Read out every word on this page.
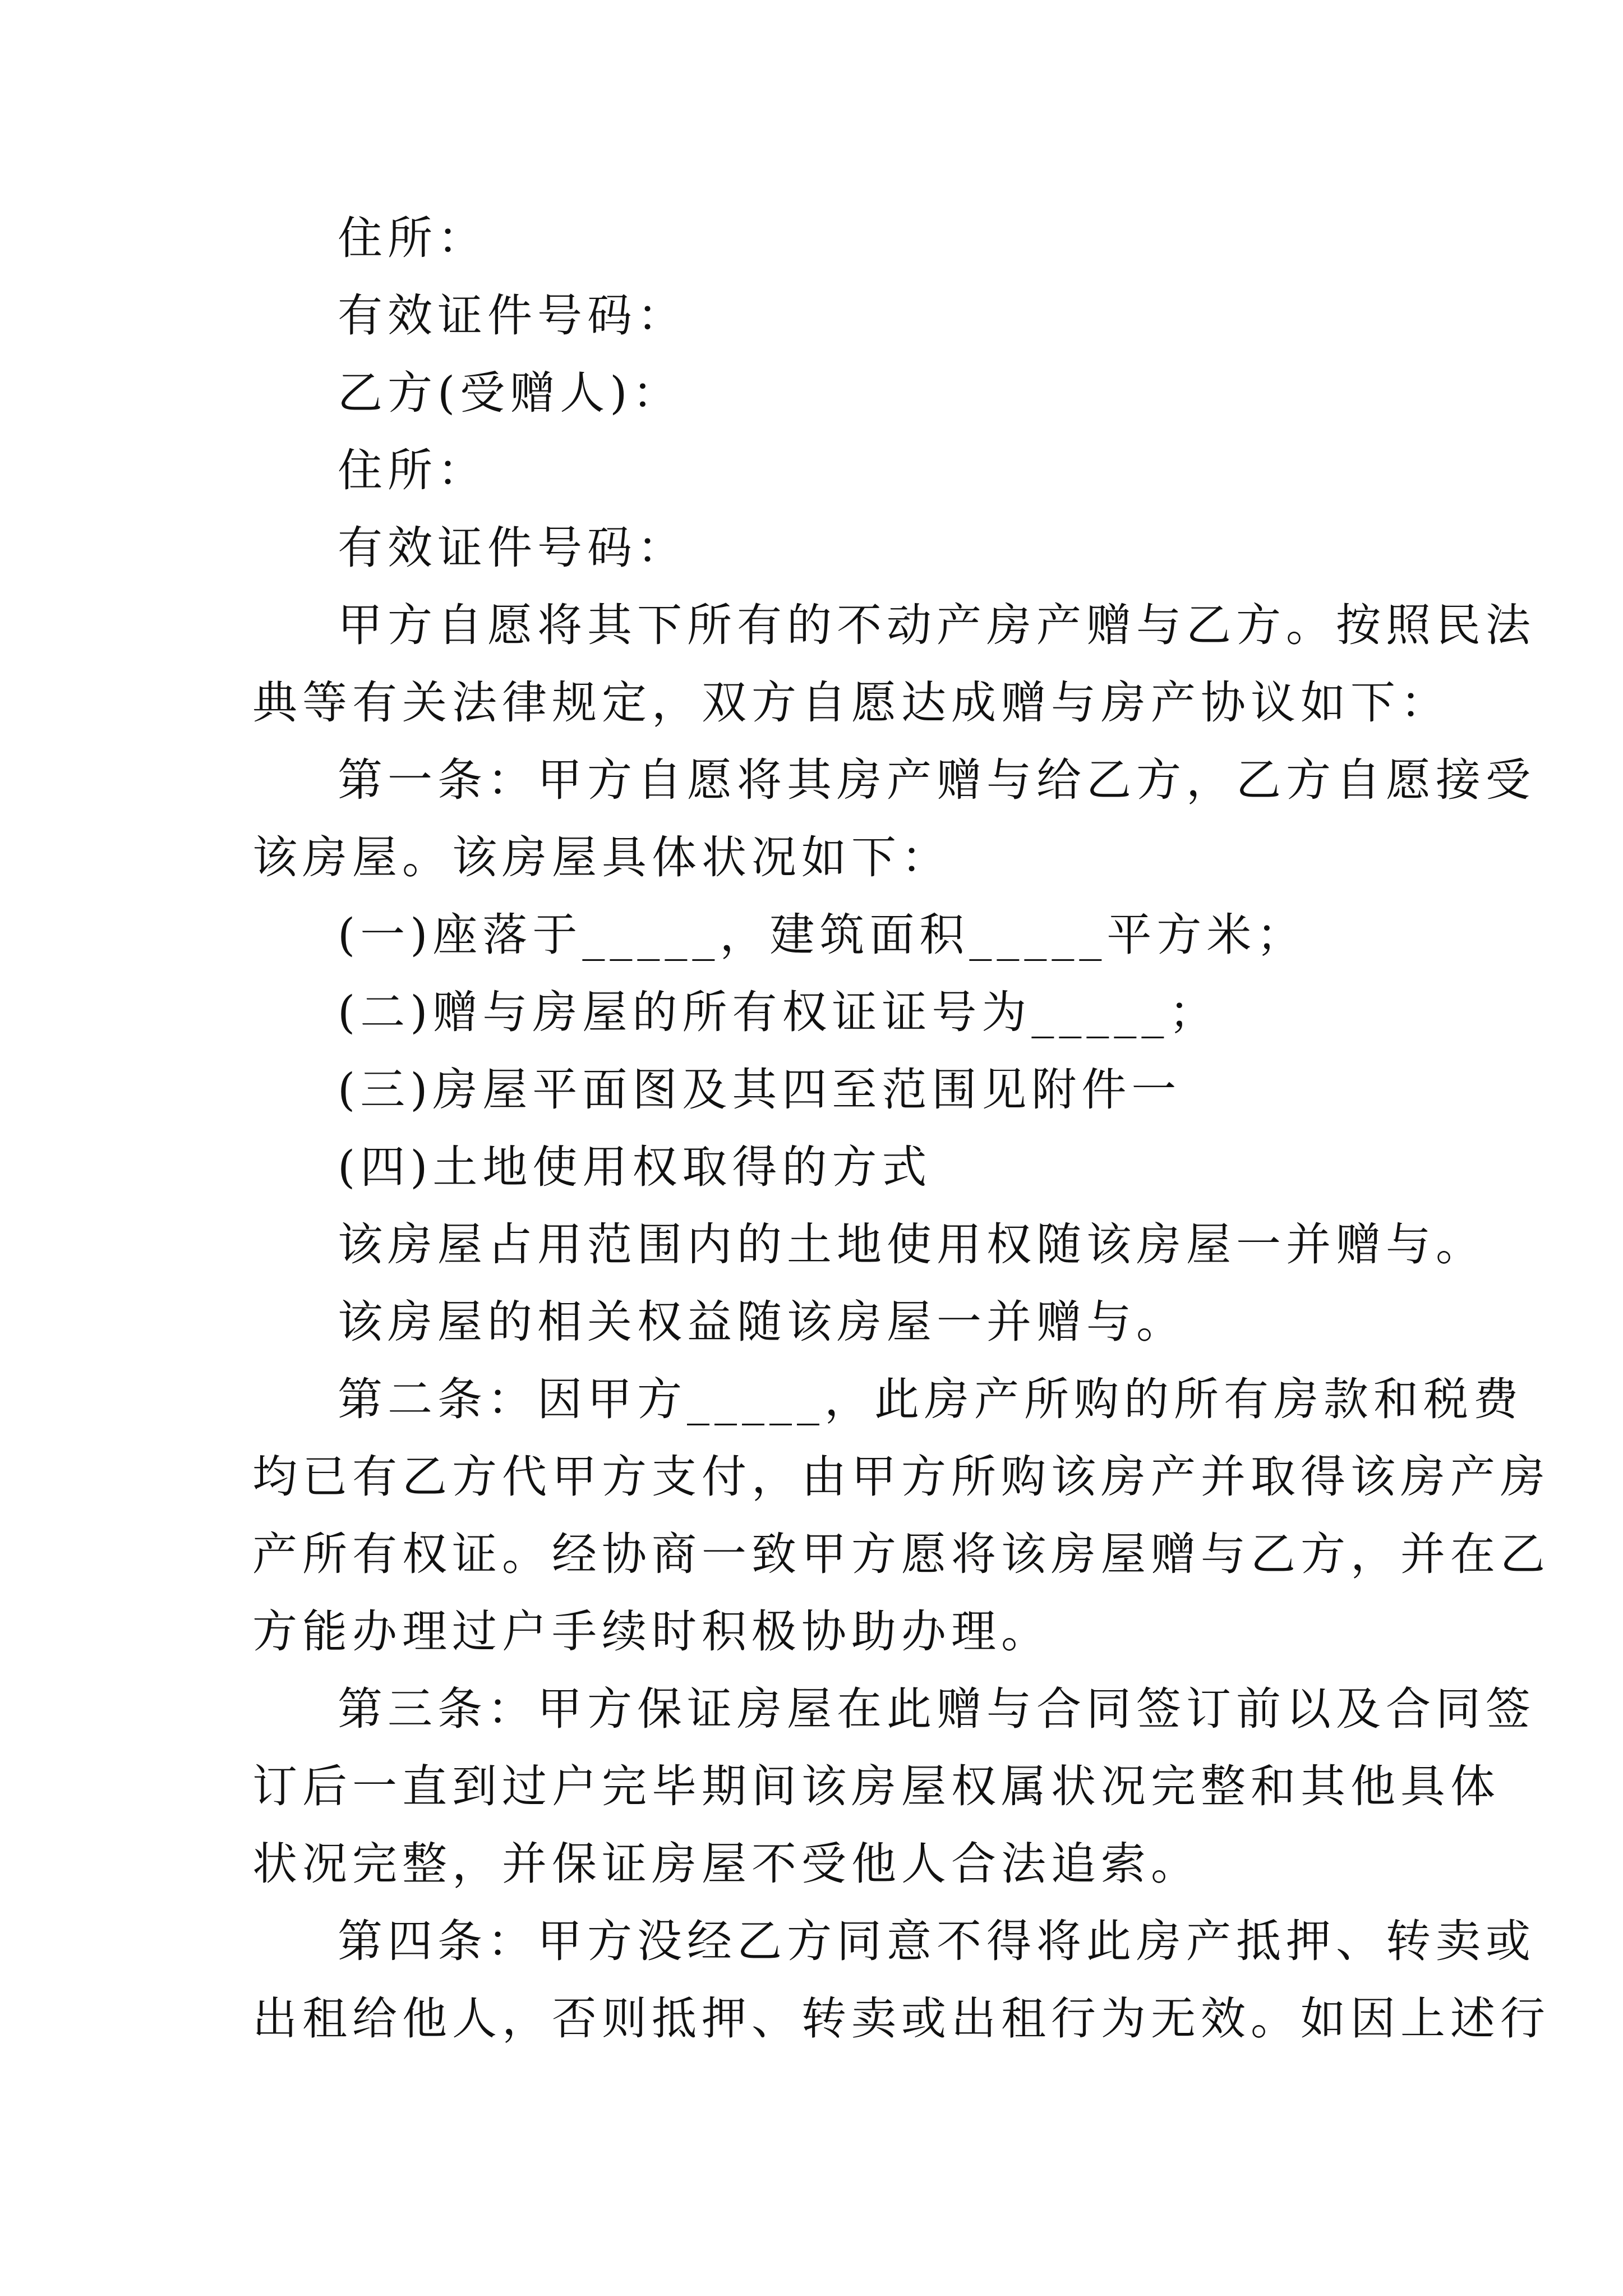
住所：
有效证件号码：
乙方(受赠人)：
住所：
有效证件号码：
甲方自愿将其下所有的不动产房产赠与乙方。按照民法
典等有关法律规定，双方自愿达成赠与房产协议如下：
第一条：甲方自愿将其房产赠与给乙方，乙方自愿接受
该房屋。该房屋具体状况如下：
(一)座落于_____，建筑面积_____平方米；
(二)赠与房屋的所有权证证号为_____；
(三)房屋平面图及其四至范围见附件一
(四)土地使用权取得的方式
该房屋占用范围内的土地使用权随该房屋一并赠与。
该房屋的相关权益随该房屋一并赠与。
第二条：因甲方_____，此房产所购的所有房款和税费
均已有乙方代甲方支付，由甲方所购该房产并取得该房产房
产所有权证。经协商一致甲方愿将该房屋赠与乙方，并在乙
方能办理过户手续时积极协助办理。
第三条：甲方保证房屋在此赠与合同签订前以及合同签
订后一直到过户完毕期间该房屋权属状况完整和其他具体
状况完整，并保证房屋不受他人合法追索。
第四条：甲方没经乙方同意不得将此房产抵押、转卖或
出租给他人，否则抵押、转卖或出租行为无效。如因上述行
